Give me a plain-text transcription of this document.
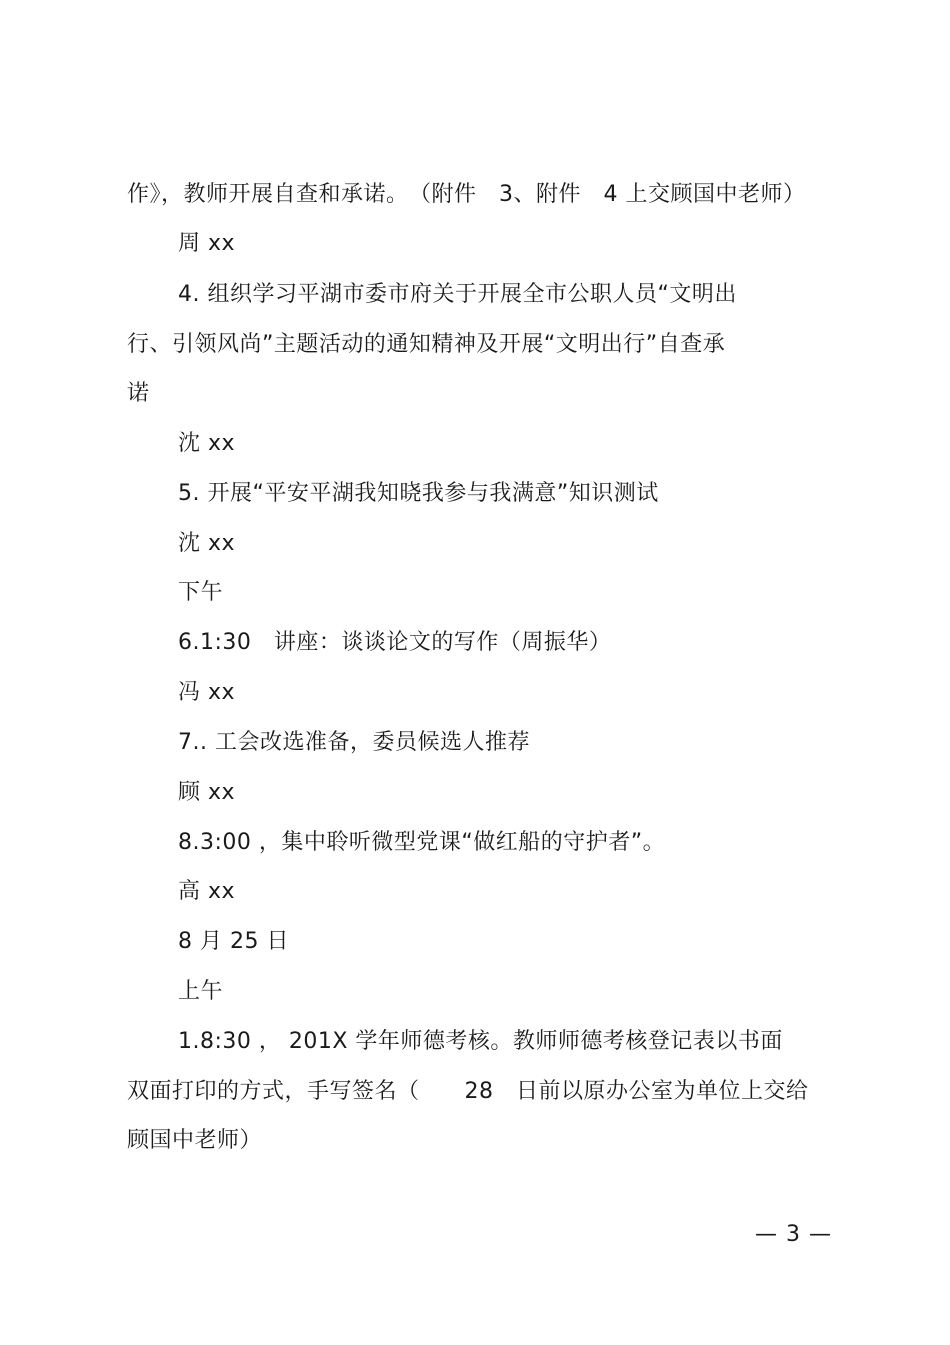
作》，教师开展自查和承诺。　（附件　3、附件　4 上交顾国中老师）
周 xx
4. 组织学习平湖市委市府关于开展全市公职人员“文明出
行、引领风尚”主题活动的通知精神及开展“文明出行”自查承
诺
沈 xx
5. 开展“平安平湖我知晓我参与我满意”知识测试
沈 xx
下午
6.1:30　讲座：谈谈论文的写作（周振华）
冯 xx
7.. 工会改选准备，委员候选人推荐
顾 xx
8.3:00 ，集中聆听微型党课“做红船的守护者”。
高 xx
8 月 25 日
上午
1.8:30 ， 201X 学年师德考核。教师师德考核登记表以书面
双面打印的方式，手写签名（　　28　日前以原办公室为单位上交给
顾国中老师）
— 3 —
